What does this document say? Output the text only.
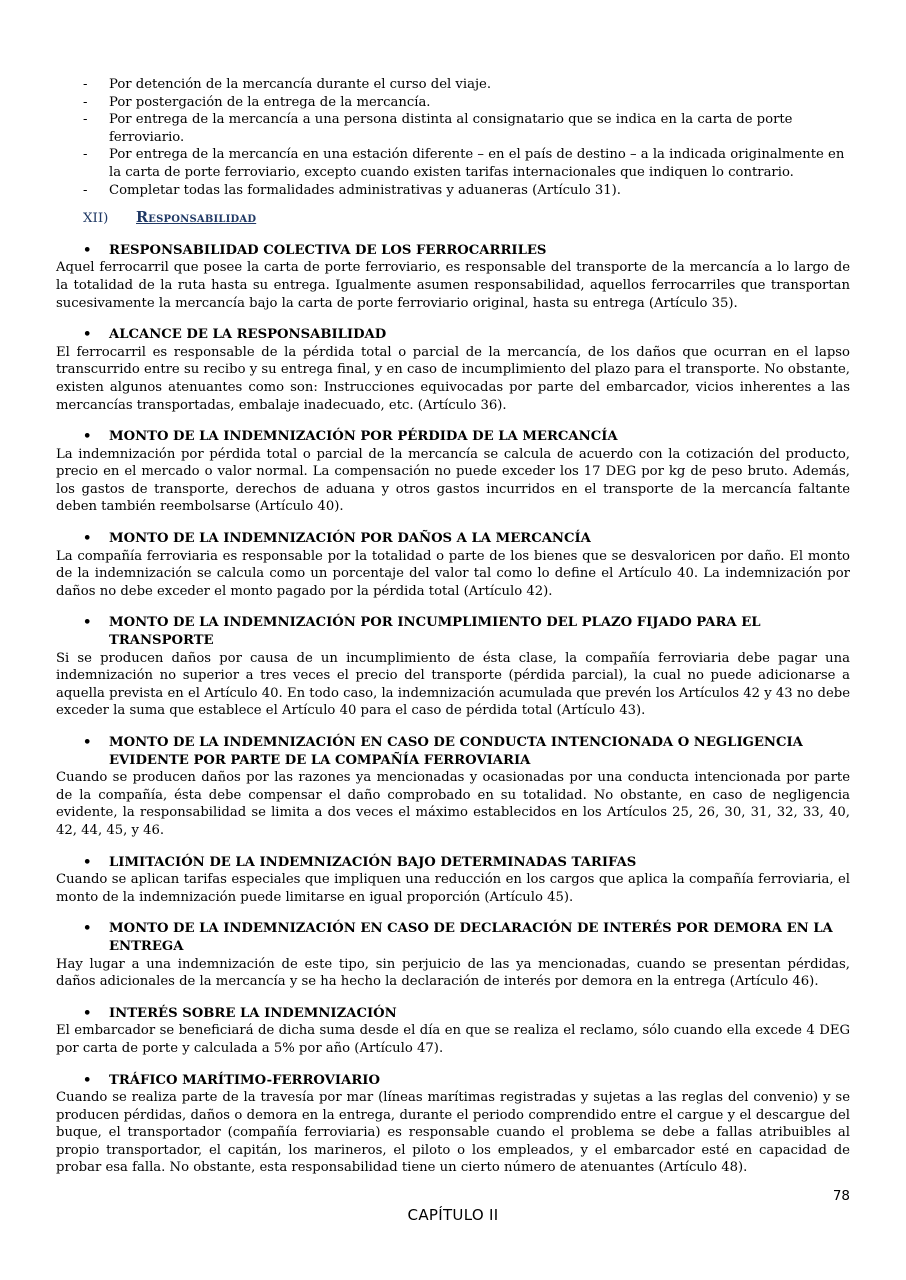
- Por detención de la mercancía durante el curso del viaje.
- Por postergación de la entrega de la mercancía.
- Por entrega de la mercancía a una persona distinta al consignatario que se indica en la carta de porte ferroviario.
- Por entrega de la mercancía en una estación diferente – en el país de destino – a la indicada originalmente en la carta de porte ferroviario, excepto cuando existen tarifas internacionales que indiquen lo contrario.
- Completar todas las formalidades administrativas y aduaneras (Artículo 31).
XII)	Responsabilidad
• RESPONSABILIDAD COLECTIVA DE LOS FERROCARRILES
Aquel ferrocarril que posee la carta de porte ferroviario, es responsable del transporte de la mercancía a lo largo de la totalidad de la ruta hasta su entrega. Igualmente asumen responsabilidad, aquellos ferrocarriles que transportan sucesivamente la mercancía bajo la carta de porte ferroviario original, hasta su entrega (Artículo 35).
• ALCANCE DE LA RESPONSABILIDAD
El ferrocarril es responsable de la pérdida total o parcial de la mercancía, de los daños que ocurran en el lapso transcurrido entre su recibo y su entrega final, y en caso de incumplimiento del plazo para el transporte. No obstante, existen algunos atenuantes como son: Instrucciones equivocadas por parte del embarcador, vicios inherentes a las mercancías transportadas, embalaje inadecuado, etc. (Artículo 36).
• MONTO DE LA INDEMNIZACIÓN POR PÉRDIDA DE LA MERCANCÍA
La indemnización por pérdida total o parcial de la mercancía se calcula de acuerdo con la cotización del producto, precio en el mercado o valor normal. La compensación no puede exceder los 17 DEG por kg de peso bruto. Además, los gastos de transporte, derechos de aduana y otros gastos incurridos en el transporte de la mercancía faltante deben también reembolsarse (Artículo 40).
• MONTO DE LA INDEMNIZACIÓN POR DAÑOS A LA MERCANCÍA
La compañía ferroviaria es responsable por la totalidad o parte de los bienes que se desvaloricen por daño. El monto de la indemnización se calcula como un porcentaje del valor tal como lo define el Artículo 40. La indemnización por daños no debe exceder el monto pagado por la pérdida total (Artículo 42).
• MONTO DE LA INDEMNIZACIÓN POR INCUMPLIMIENTO DEL PLAZO FIJADO PARA EL TRANSPORTE
Si se producen daños por causa de un incumplimiento de ésta clase, la compañía ferroviaria debe pagar una indemnización no superior a tres veces el precio del transporte (pérdida parcial), la cual no puede adicionarse a aquella prevista en el Artículo 40. En todo caso, la indemnización acumulada que prevén los Artículos 42 y 43 no debe exceder la suma que establece el Artículo 40 para el caso de pérdida total (Artículo 43).
• MONTO DE LA INDEMNIZACIÓN EN CASO DE CONDUCTA INTENCIONADA O NEGLIGENCIA EVIDENTE POR PARTE DE LA COMPAÑÍA FERROVIARIA
Cuando se producen daños por las razones ya mencionadas y ocasionadas por una conducta intencionada por parte de la compañía, ésta debe compensar el daño comprobado en su totalidad. No obstante, en caso de negligencia evidente, la responsabilidad se limita a dos veces el máximo establecidos en los Artículos 25, 26, 30, 31, 32, 33, 40, 42, 44, 45, y 46.
• LIMITACIÓN DE LA INDEMNIZACIÓN BAJO DETERMINADAS TARIFAS
Cuando se aplican tarifas especiales que impliquen una reducción en los cargos que aplica la compañía ferroviaria, el monto de la indemnización puede limitarse en igual proporción (Artículo 45).
• MONTO DE LA INDEMNIZACIÓN EN CASO DE DECLARACIÓN DE INTERÉS POR DEMORA EN LA ENTREGA
Hay lugar a una indemnización de este tipo, sin perjuicio de las ya mencionadas, cuando se presentan pérdidas, daños adicionales de la mercancía y se ha hecho la declaración de interés por demora en la entrega (Artículo 46).
• INTERÉS SOBRE LA INDEMNIZACIÓN
El embarcador se beneficiará de dicha suma desde el día en que se realiza el reclamo, sólo cuando ella excede 4 DEG por carta de porte y calculada a 5% por año (Artículo 47).
• TRÁFICO MARÍTIMO-FERROVIARIO
Cuando se realiza parte de la travesía por mar (líneas marítimas registradas y sujetas a las reglas del convenio) y se producen pérdidas, daños o demora en la entrega, durante el periodo comprendido entre el cargue y el descargue del buque, el transportador (compañía ferroviaria) es responsable cuando el problema se debe a fallas atribuibles al propio transportador, el capitán, los marineros, el piloto o los empleados, y el embarcador esté en capacidad de probar esa falla. No obstante, esta responsabilidad tiene un cierto número de atenuantes (Artículo 48).
78
CAPÍTULO II
